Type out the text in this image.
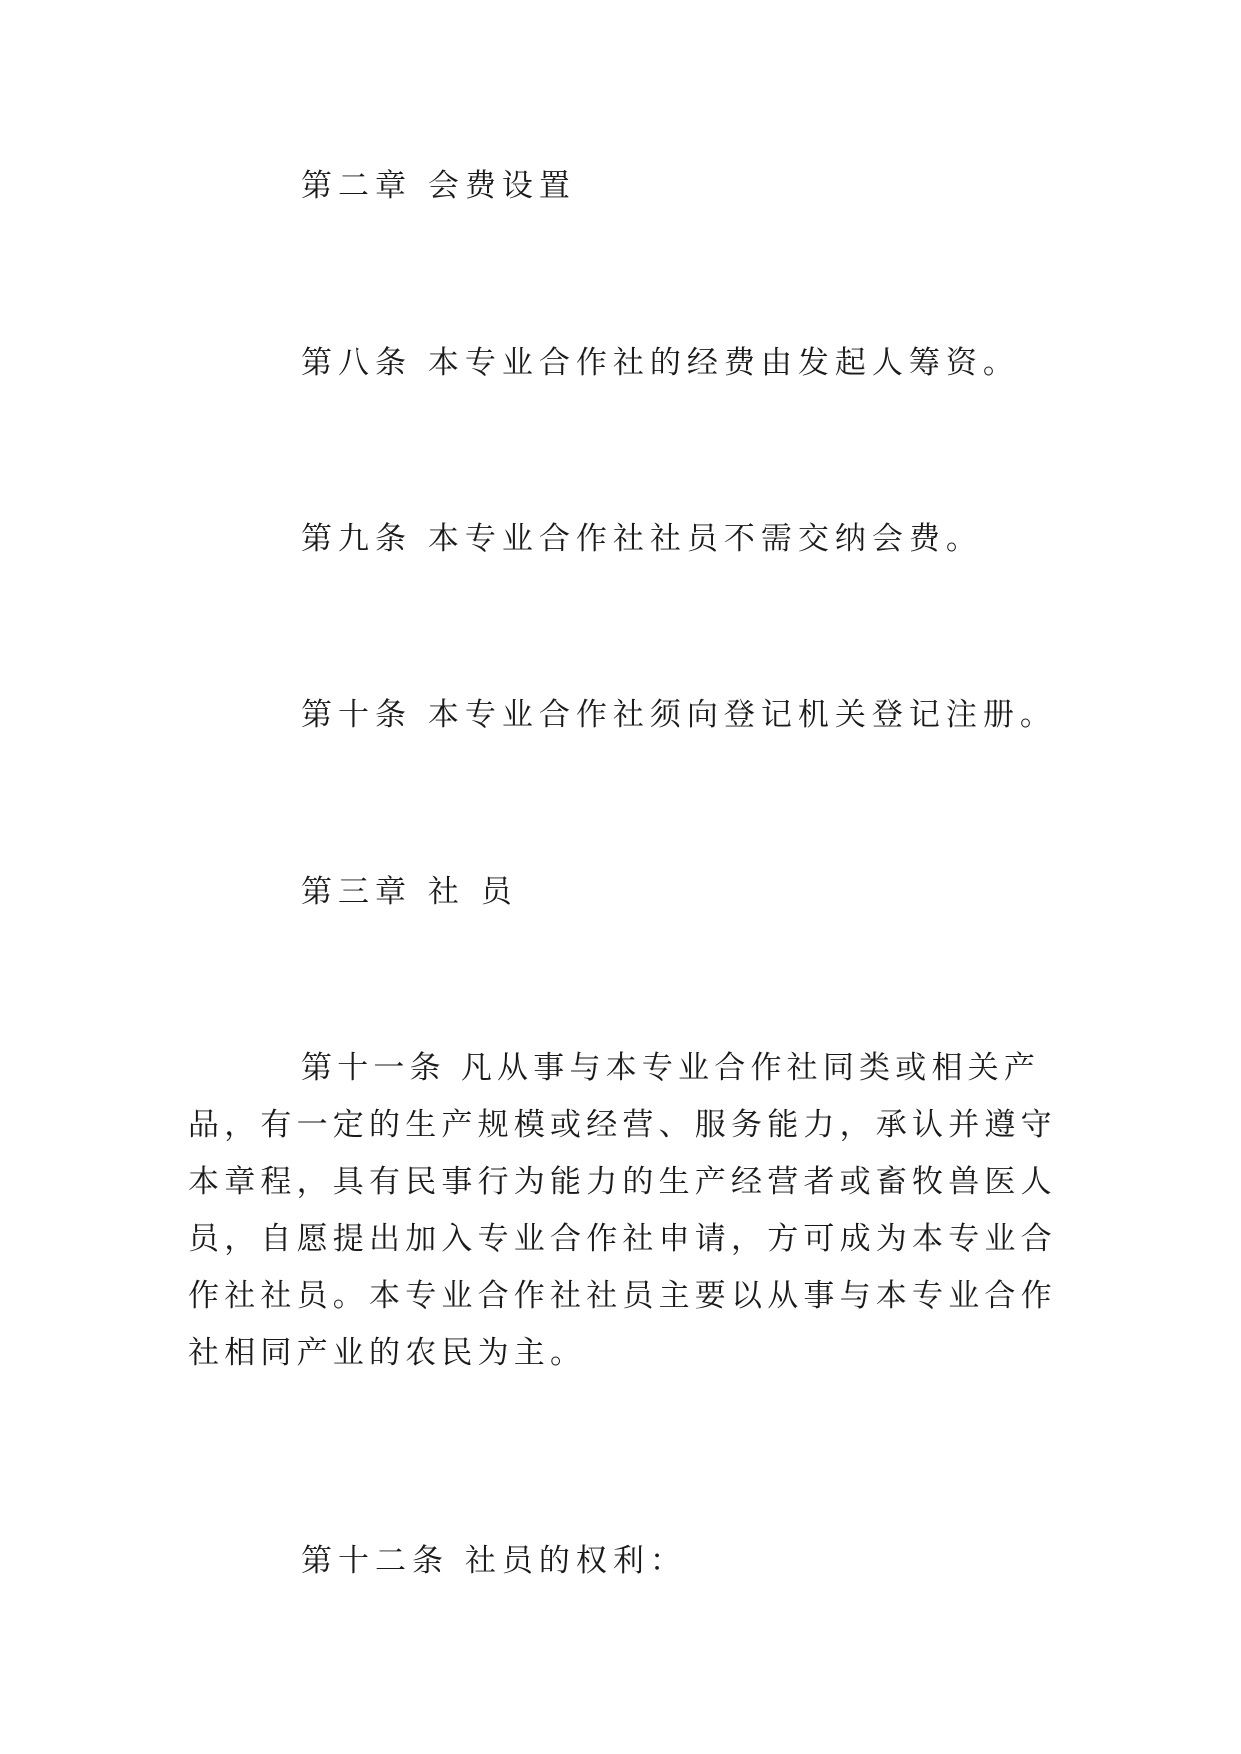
第二章 会费设置

第八条 本专业合作社的经费由发起人筹资。

第九条 本专业合作社社员不需交纳会费。

第十条 本专业合作社须向登记机关登记注册。

第三章 社 员

第十一条 凡从事与本专业合作社同类或相关产品，有一定的生产规模或经营、服务能力，承认并遵守本章程，具有民事行为能力的生产经营者或畜牧兽医人员，自愿提出加入专业合作社申请，方可成为本专业合作社社员。本专业合作社社员主要以从事与本专业合作社相同产业的农民为主。

第十二条 社员的权利：
